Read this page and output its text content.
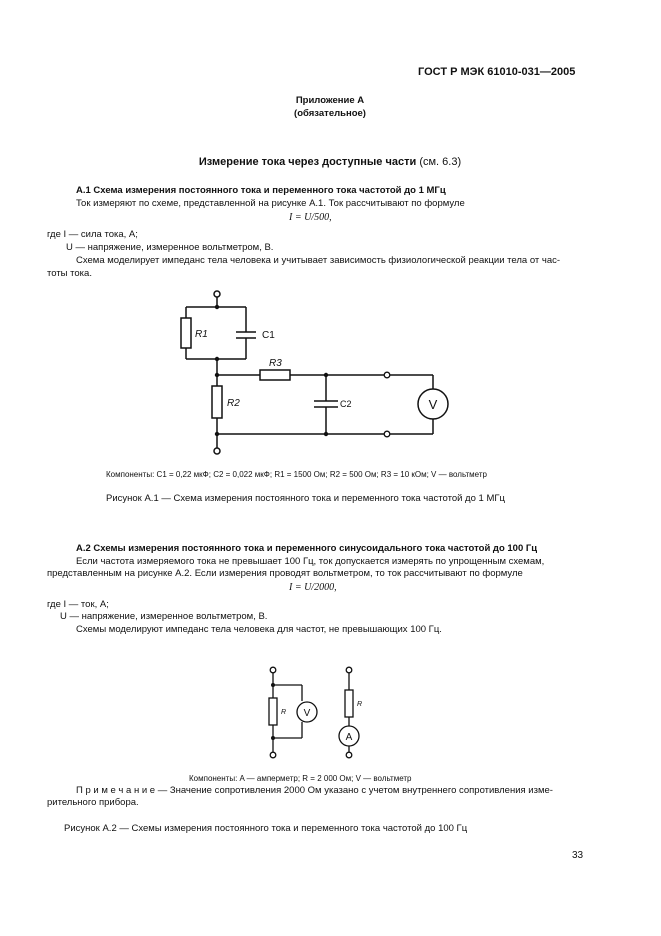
ГОСТ Р МЭК 61010-031—2005
Приложение А
(обязательное)
Измерение тока через доступные части (см. 6.3)
А.1 Схема измерения постоянного тока и переменного тока частотой до 1 МГц
Ток измеряют по схеме, представленной на рисунке А.1. Ток рассчитывают по формуле
I = U/500,
где I — сила тока, А;
U — напряжение, измеренное вольтметром, В.
Схема моделирует импеданс тела человека и учитывает зависимость физиологической реакции тела от час-
тоты тока.
R1	C1
R3
R2	C2	V
Компоненты: C1 = 0,22 мкФ; C2 = 0,022 мкФ; R1 = 1500 Ом; R2 = 500 Ом; R3 = 10 кОм; V — вольтметр
Рисунок А.1 — Схема измерения постоянного тока и переменного тока частотой до 1 МГц
А.2 Схемы измерения постоянного тока и переменного синусоидального тока частотой до 100 Гц
Если частота измеряемого тока не превышает 100 Гц, ток допускается измерять по упрощенным схемам,
представленным на рисунке А.2. Если измерения проводят вольтметром, то ток рассчитывают по формуле
I = U/2000,
где I — ток, А;
U — напряжение, измеренное вольтметром, В.
Схемы моделируют импеданс тела человека для частот, не превышающих 100 Гц.
R V
R
A
Компоненты: A — амперметр; R = 2 000 Ом; V — вольтметр
П р и м е ч а н и е — Значение сопротивления 2000 Ом указано с учетом внутреннего сопротивления измe-
рительного прибора.
Рисунок А.2 — Схемы измерения постоянного тока и переменного тока частотой до 100 Гц
33
